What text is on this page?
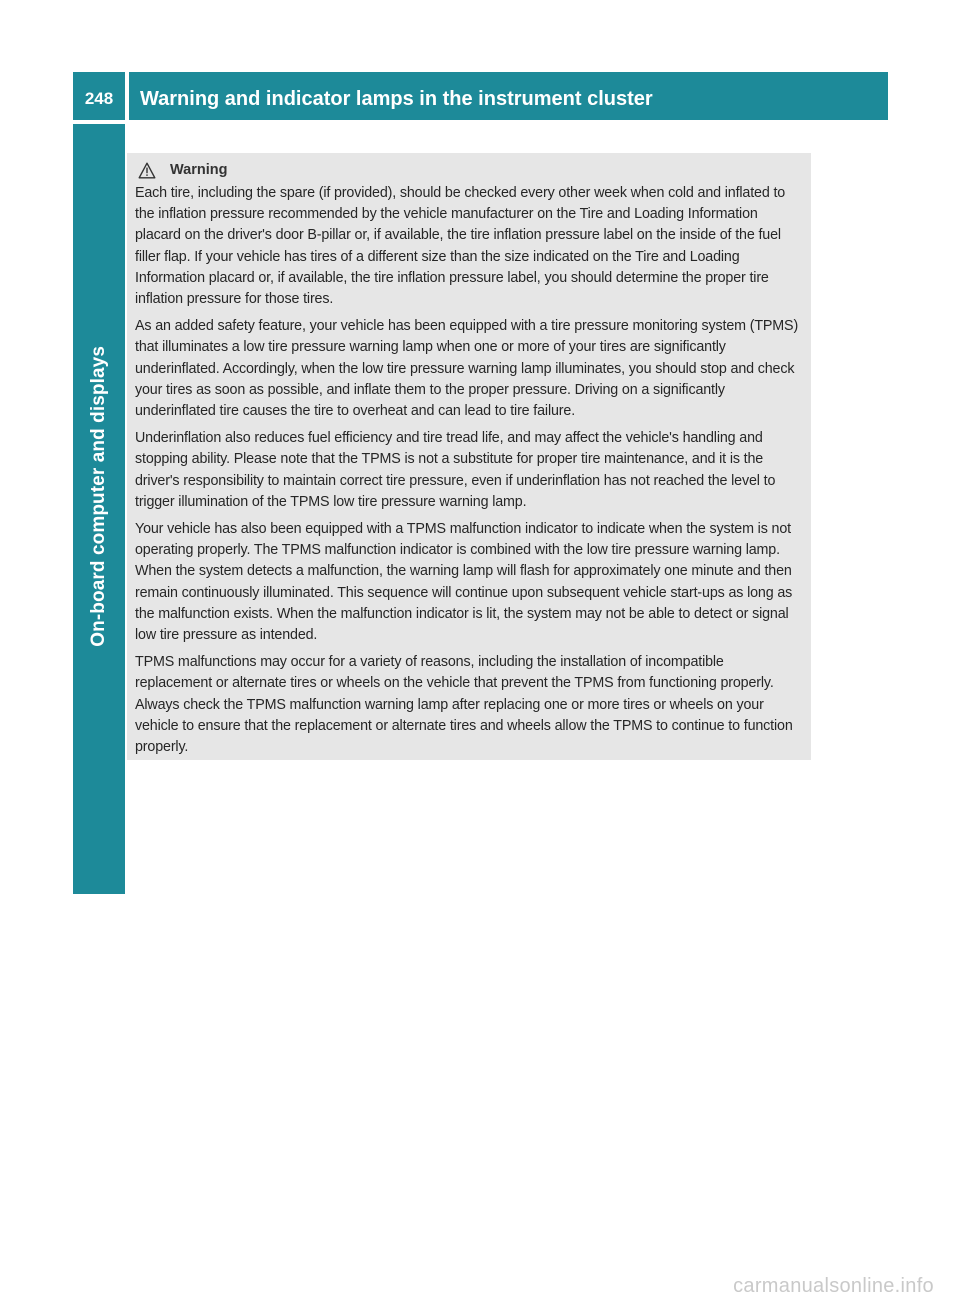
248	Warning and indicator lamps in the instrument cluster
On-board computer and displays
Warning

Each tire, including the spare (if provided), should be checked every other week when cold and inflated to the inflation pressure recommended by the vehicle manufacturer on the Tire and Loading Information placard on the driver's door B-pillar or, if available, the tire inflation pressure label on the inside of the fuel filler flap. If your vehicle has tires of a different size than the size indicated on the Tire and Loading Information placard or, if available, the tire inflation pressure label, you should determine the proper tire inflation pressure for those tires.

As an added safety feature, your vehicle has been equipped with a tire pressure monitoring system (TPMS) that illuminates a low tire pressure warning lamp when one or more of your tires are significantly underinflated. Accordingly, when the low tire pressure warning lamp illuminates, you should stop and check your tires as soon as possible, and inflate them to the proper pressure. Driving on a significantly underinflated tire causes the tire to overheat and can lead to tire failure.

Underinflation also reduces fuel efficiency and tire tread life, and may affect the vehicle's handling and stopping ability. Please note that the TPMS is not a substitute for proper tire maintenance, and it is the driver's responsibility to maintain correct tire pressure, even if underinflation has not reached the level to trigger illumination of the TPMS low tire pressure warning lamp.

Your vehicle has also been equipped with a TPMS malfunction indicator to indicate when the system is not operating properly. The TPMS malfunction indicator is combined with the low tire pressure warning lamp. When the system detects a malfunction, the warning lamp will flash for approximately one minute and then remain continuously illuminated. This sequence will continue upon subsequent vehicle start-ups as long as the malfunction exists. When the malfunction indicator is lit, the system may not be able to detect or signal low tire pressure as intended.

TPMS malfunctions may occur for a variety of reasons, including the installation of incompatible replacement or alternate tires or wheels on the vehicle that prevent the TPMS from functioning properly. Always check the TPMS malfunction warning lamp after replacing one or more tires or wheels on your vehicle to ensure that the replacement or alternate tires and wheels allow the TPMS to continue to function properly.

carmanualsonline.info
